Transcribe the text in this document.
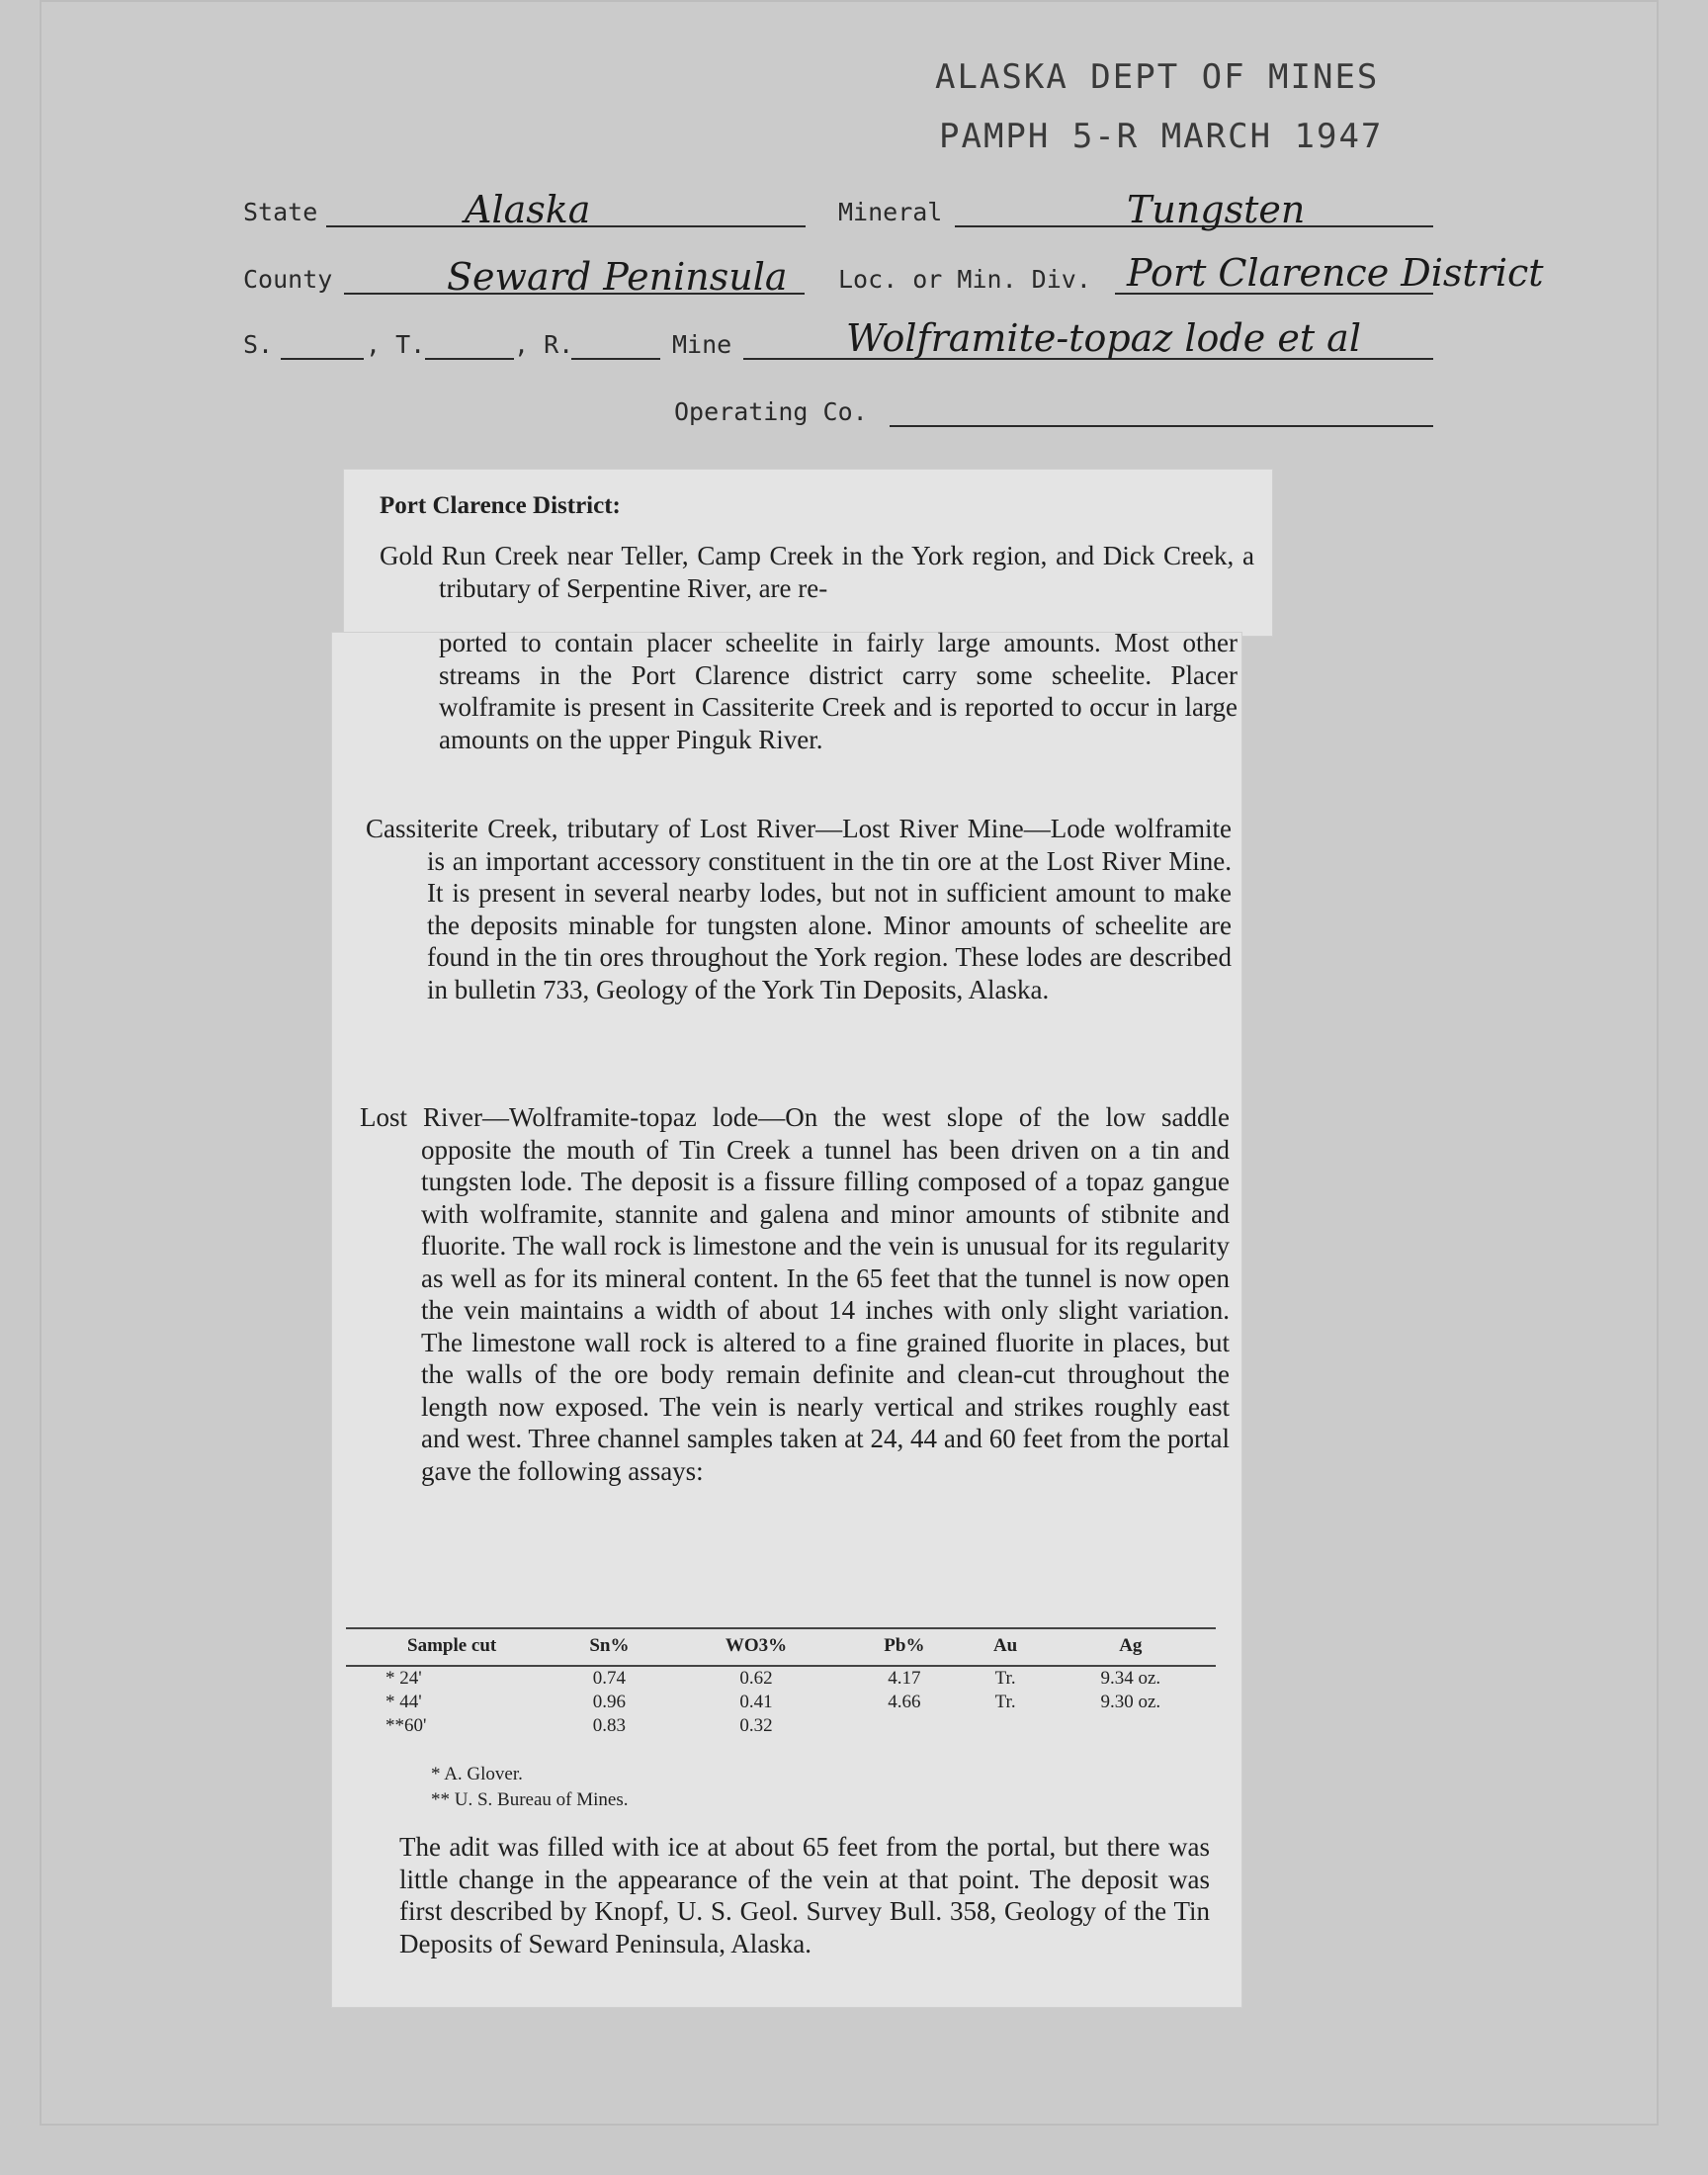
ALASKA DEPT OF MINES
PAMPH 5-R MARCH 1947
State	Alaska	Mineral	Tungsten
County	Seward Peninsula Loc. or Min. Div. Port Clarence District
S.	, T.	, R.	Mine	Wolframite-topaz lode et al
Operating Co.
Port Clarence District:

Gold Run Creek near Teller, Camp Creek in the York region, and Dick Creek, a tributary of Serpentine River, are re-

ported to contain placer scheelite in fairly large amounts. Most other streams in the Port Clarence district carry some scheelite. Placer wolframite is present in Cassiterite Creek and is reported to occur in large amounts on the upper Pinguk River.

Cassiterite Creek, tributary of Lost River—Lost River Mine—Lode wolframite is an important accessory constituent in the tin ore at the Lost River Mine. It is present in several nearby lodes, but not in sufficient amount to make the deposits minable for tungsten alone. Minor amounts of scheelite are found in the tin ores throughout the York region. These lodes are described in bulletin 733, Geology of the York Tin Deposits, Alaska.

Lost River—Wolframite-topaz lode—On the west slope of the low saddle opposite the mouth of Tin Creek a tunnel has been driven on a tin and tungsten lode. The deposit is a fissure filling composed of a topaz gangue with wolframite, stannite and galena and minor amounts of stibnite and fluorite. The wall rock is limestone and the vein is unusual for its regularity as well as for its mineral content. In the 65 feet that the tunnel is now open the vein maintains a width of about 14 inches with only slight variation. The limestone wall rock is altered to a fine grained fluorite in places, but the walls of the ore body remain definite and clean-cut throughout the length now exposed. The vein is nearly vertical and strikes roughly east and west. Three channel samples taken at 24, 44 and 60 feet from the portal gave the following assays:

Sample cut	Sn%	WO3%	Pb%	Au	Ag
* 24'	0.74	0.62	4.17	Tr.	9.34 oz.
* 44'	0.96	0.41	4.66	Tr.	9.30 oz.
**60'	0.83	0.32			
* A. Glover.
** U. S. Bureau of Mines.

The adit was filled with ice at about 65 feet from the portal, but there was little change in the appearance of the vein at that point. The deposit was first described by Knopf, U. S. Geol. Survey Bull. 358, Geology of the Tin Deposits of Seward Peninsula, Alaska.
